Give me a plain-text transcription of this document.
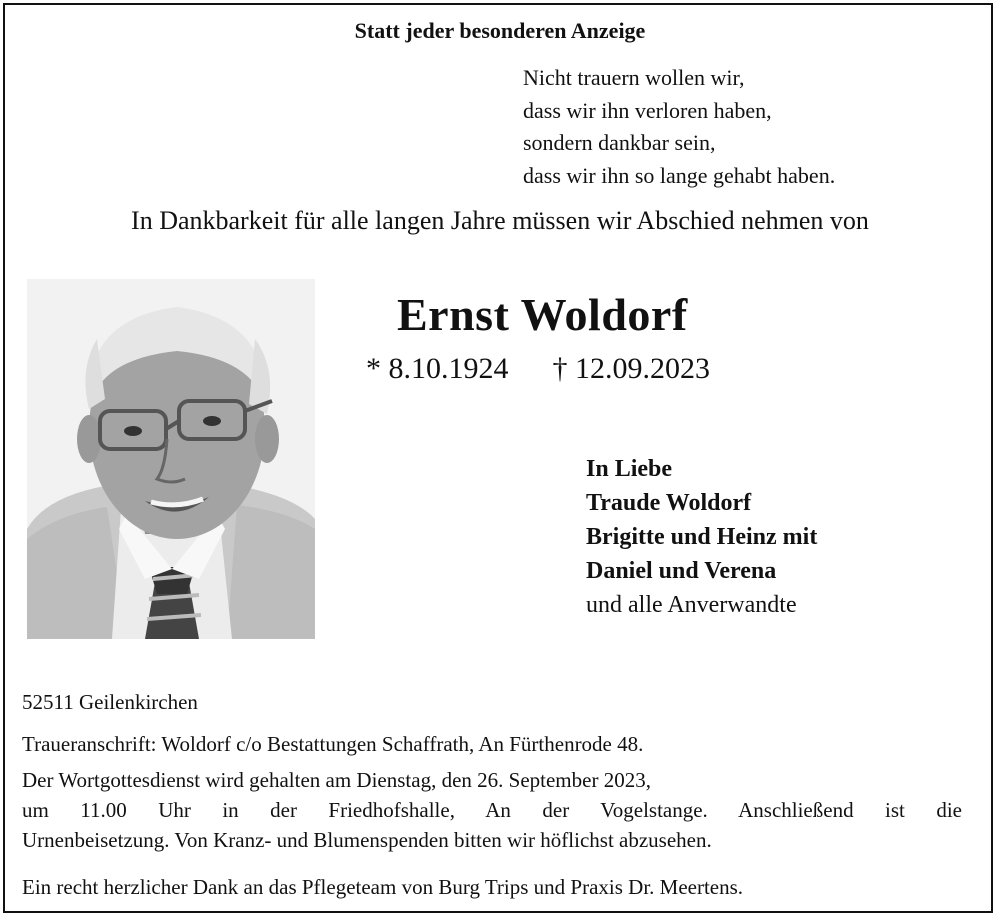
Statt jeder besonderen Anzeige
Nicht trauern wollen wir,
dass wir ihn verloren haben,
sondern dankbar sein,
dass wir ihn so lange gehabt haben.
In Dankbarkeit für alle langen Jahre müssen wir Abschied nehmen von
Ernst Woldorf
* 8.10.1924 † 12.09.2023
In Liebe
Traude Woldorf
Brigitte und Heinz mit
Daniel und Verena
und alle Anverwandte
52511 Geilenkirchen
Traueranschrift: Woldorf c/o Bestattungen Schaffrath, An Fürthenrode 48.
Der Wortgottesdienst wird gehalten am Dienstag, den 26. September 2023,
um 11.00 Uhr in der Friedhofshalle, An der Vogelstange. Anschließend ist die
Urnenbeisetzung. Von Kranz- und Blumenspenden bitten wir höflichst abzusehen.
Ein recht herzlicher Dank an das Pflegeteam von Burg Trips und Praxis Dr. Meertens.
